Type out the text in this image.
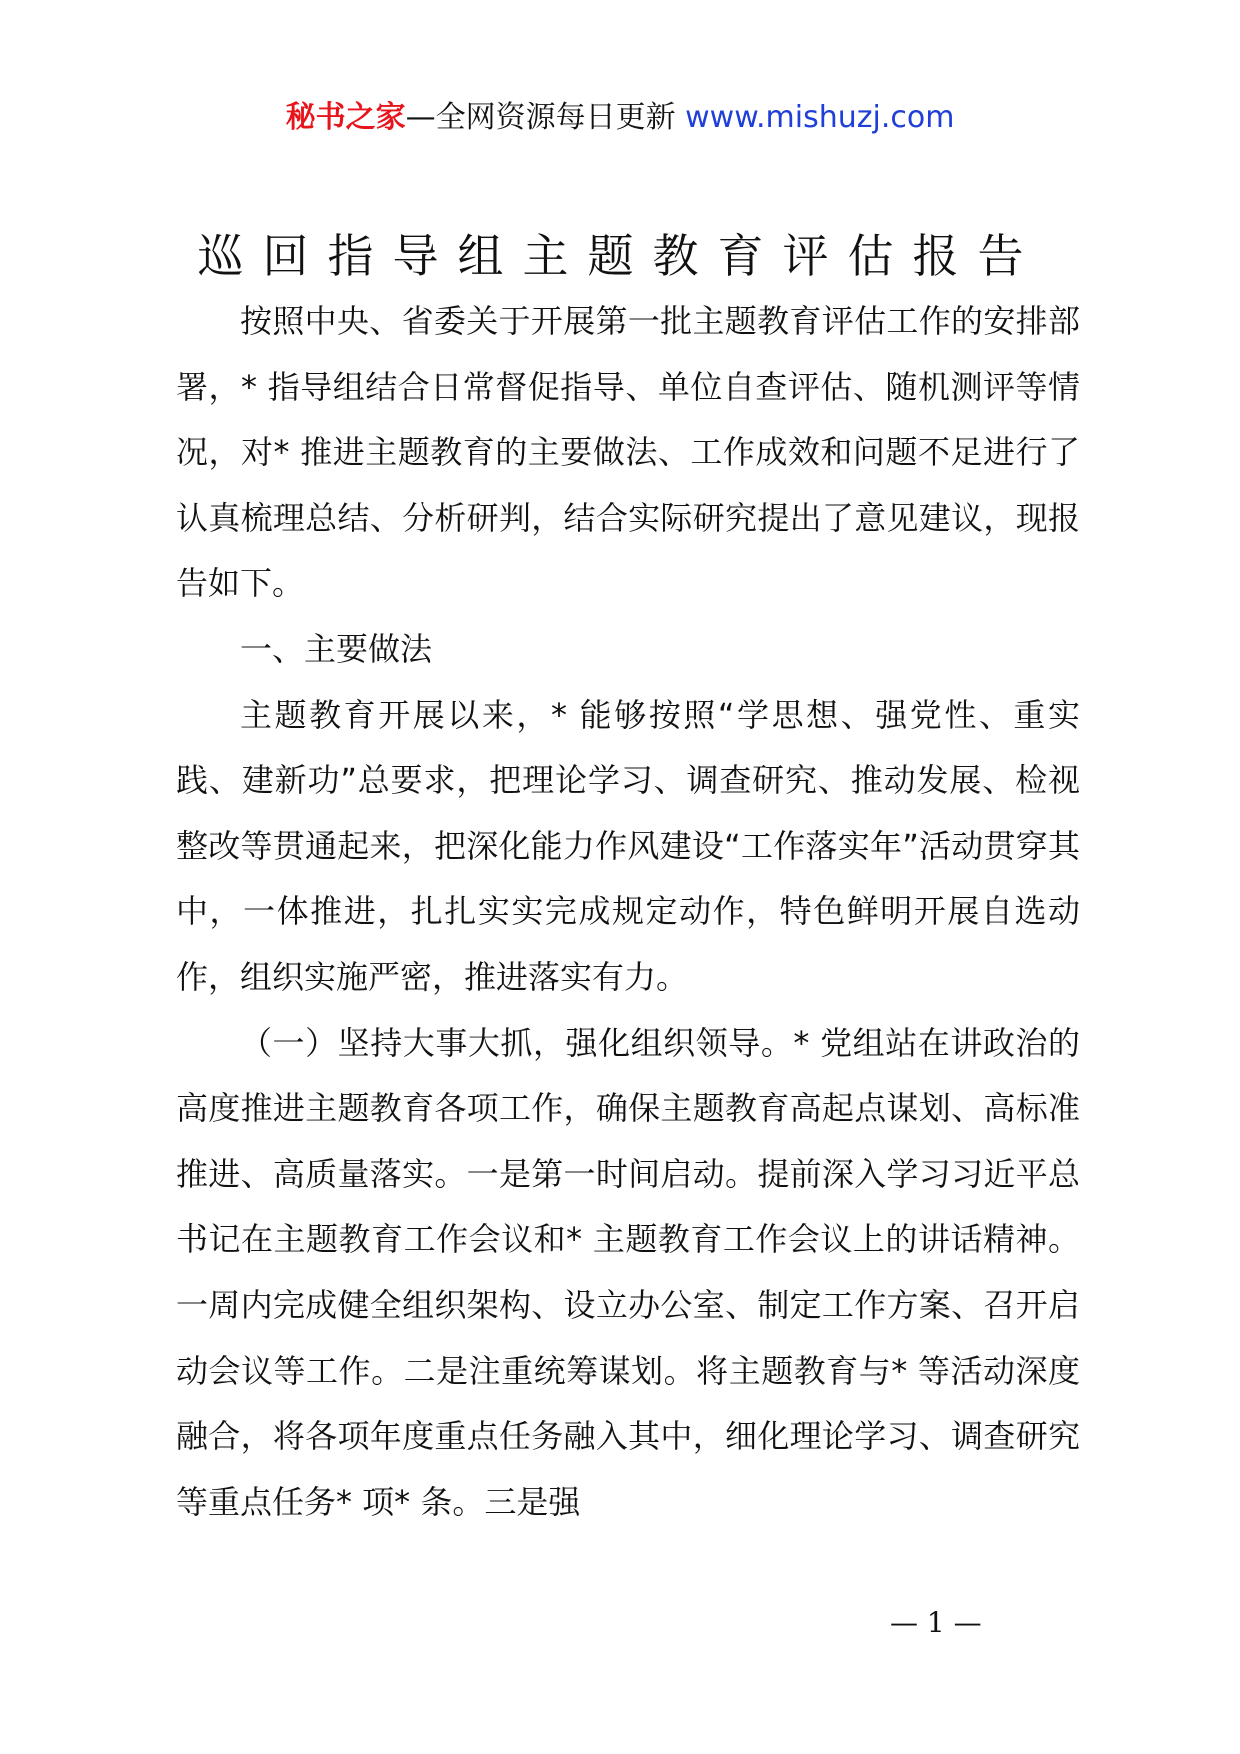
秘书之家—全网资源每日更新 www.mishuzj.com
巡回指导组主题教育评估报告

按照中央、省委关于开展第一批主题教育评估工作的安排部署，* 指导组结合日常督促指导、单位自查评估、随机测评等情况，对* 推进主题教育的主要做法、工作成效和问题不足进行了认真梳理总结、分析研判，结合实际研究提出了意见建议，现报告如下。

一、主要做法

主题教育开展以来，* 能够按照“学思想、强党性、重实践、建新功”总要求，把理论学习、调查研究、推动发展、检视整改等贯通起来，把深化能力作风建设“工作落实年”活动贯穿其中，一体推进，扎扎实实完成规定动作，特色鲜明开展自选动作，组织实施严密，推进落实有力。

（一）坚持大事大抓，强化组织领导。* 党组站在讲政治的高度推进主题教育各项工作，确保主题教育高起点谋划、高标准推进、高质量落实。一是第一时间启动。提前深入学习习近平总书记在主题教育工作会议和* 主题教育工作会议上的讲话精神。一周内完成健全组织架构、设立办公室、制定工作方案、召开启动会议等工作。二是注重统筹谋划。将主题教育与* 等活动深度融合，将各项年度重点任务融入其中，细化理论学习、调查研究等重点任务* 项* 条。三是强

— 1 —
